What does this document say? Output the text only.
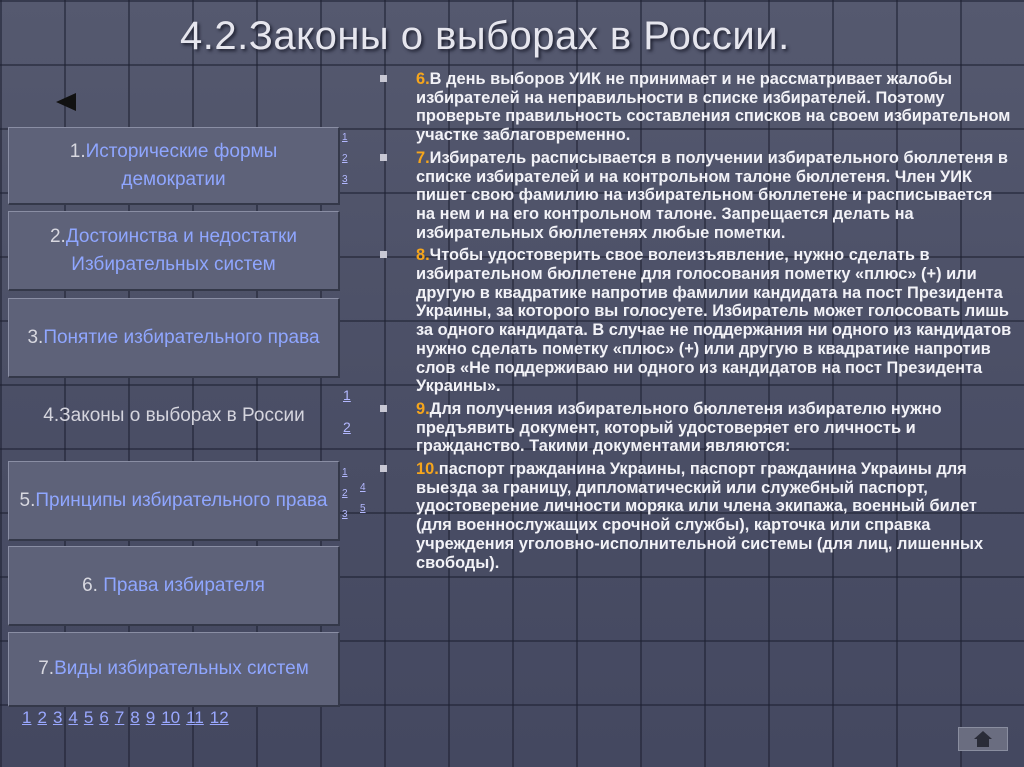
4.2.Законы о выборах в России.
1.Исторические формы демократии
2.Достоинства и недостатки Избирательных систем
3.Понятие избирательного права
4.Законы о выборах в России
5.Принципы избирательного права
6. Права избирателя
7.Виды избирательных систем
1
2
3
1
2
1
2
3
4
5
1 2 3 4 5 6 7 8 9 10 11 12
6.В день выборов УИК не принимает и не рассматривает жалобы избирателей на неправильности в списке избирателей. Поэтому проверьте правильность составления списков на своем избирательном участке заблаговременно.
7.Избиратель расписывается в получении избирательного бюллетеня в списке избирателей и на контрольном талоне бюллетеня. Член УИК пишет свою фамилию на избирательном бюллетене и расписывается на нем и на его контрольном талоне. Запрещается делать на избирательных бюллетенях любые пометки.
8.Чтобы удостоверить свое волеизъявление, нужно сделать в избирательном бюллетене для голосования пометку «плюс» (+) или другую в квадратике напротив фамилии кандидата на пост Президента Украины, за которого вы голосуете. Избиратель может голосовать лишь за одного кандидата. В случае не поддержания ни одного из кандидатов нужно сделать пометку «плюс» (+) или другую в квадратике напротив слов «Не поддерживаю ни одного из кандидатов на пост Президента Украины».
9.Для получения избирательного бюллетеня избирателю нужно предъявить документ, который удостоверяет его личность и гражданство. Такими документами являются:
10.паспорт гражданина Украины, паспорт гражданина Украины для выезда за границу, дипломатический или служебный паспорт, удостоверение личности моряка или члена экипажа, военный билет (для военнослужащих срочной службы), карточка или справка учреждения уголовно-исполнительной системы (для лиц, лишенных свободы).
